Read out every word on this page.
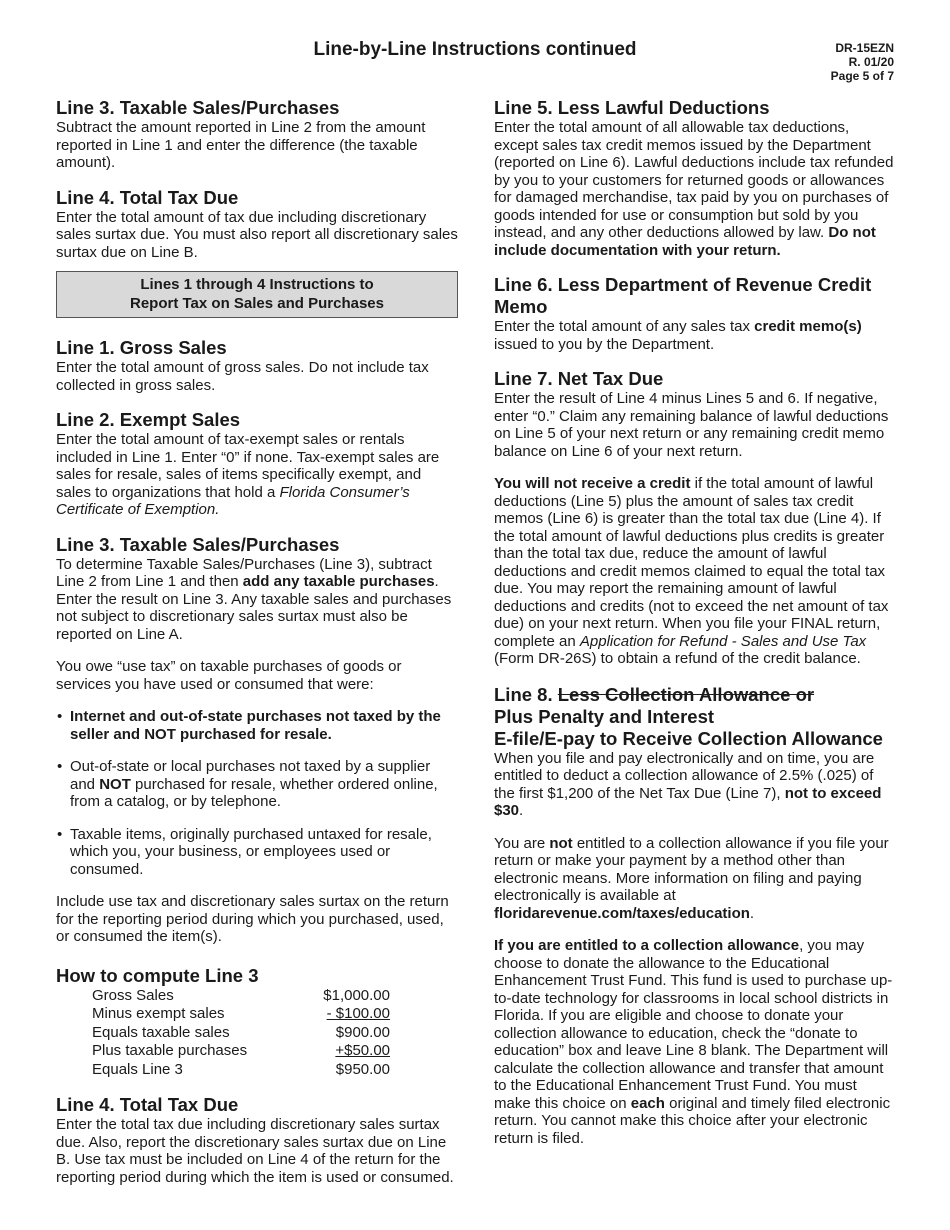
Line-by-Line Instructions continued	DR-15EZN
R. 01/20
Page 5 of 7
Line 3. Taxable Sales/Purchases

Subtract the amount reported in Line 2 from the amount reported in Line 1 and enter the difference (the taxable amount).

Line 4. Total Tax Due

Enter the total amount of tax due including discretionary sales surtax due. You must also report all discretionary sales surtax due on Line B.

Lines 1 through 4 Instructions to
Report Tax on Sales and Purchases
Line 1. Gross Sales

Enter the total amount of gross sales. Do not include tax collected in gross sales.

Line 2. Exempt Sales

Enter the total amount of tax-exempt sales or rentals included in Line 1. Enter “0” if none. Tax-exempt sales are sales for resale, sales of items specifically exempt, and sales to organizations that hold a Florida Consumer’s Certificate of Exemption.

Line 3. Taxable Sales/Purchases

To determine Taxable Sales/Purchases (Line 3), subtract Line 2 from Line 1 and then add any taxable purchases. Enter the result on Line 3. Any taxable sales and purchases not subject to discretionary sales surtax must also be reported on Line A.

You owe “use tax” on taxable purchases of goods or services you have used or consumed that were:

• Internet and out-of-state purchases not taxed by the seller and NOT purchased for resale.
• Out-of-state or local purchases not taxed by a supplier and NOT purchased for resale, whether ordered online, from a catalog, or by telephone.
• Taxable items, originally purchased untaxed for resale, which you, your business, or employees used or consumed.

Include use tax and discretionary sales surtax on the return for the reporting period during which you purchased, used, or consumed the item(s).

How to compute Line 3
Gross Sales	$1,000.00
Minus exempt sales	- $100.00
Equals taxable sales	$900.00
Plus taxable purchases	+$50.00
Equals Line 3	$950.00
Line 4. Total Tax Due

Enter the total tax due including discretionary sales surtax due. Also, report the discretionary sales surtax due on Line B. Use tax must be included on Line 4 of the return for the reporting period during which the item is used or consumed.

Line 5. Less Lawful Deductions

Enter the total amount of all allowable tax deductions, except sales tax credit memos issued by the Department (reported on Line 6). Lawful deductions include tax refunded by you to your customers for returned goods or allowances for damaged merchandise, tax paid by you on purchases of goods intended for use or consumption but sold by you instead, and any other deductions allowed by law. Do not include documentation with your return.

Line 6. Less Department of Revenue Credit Memo

Enter the total amount of any sales tax credit memo(s) issued to you by the Department.

Line 7. Net Tax Due

Enter the result of Line 4 minus Lines 5 and 6. If negative, enter “0.” Claim any remaining balance of lawful deductions on Line 5 of your next return or any remaining credit memo balance on Line 6 of your next return.

You will not receive a credit if the total amount of lawful deductions (Line 5) plus the amount of sales tax credit memos (Line 6) is greater than the total tax due (Line 4). If the total amount of lawful deductions plus credits is greater than the total tax due, reduce the amount of lawful deductions and credit memos claimed to equal the total tax due. You may report the remaining amount of lawful deductions and credits (not to exceed the net amount of tax due) on your next return. When you file your FINAL return, complete an Application for Refund - Sales and Use Tax (Form DR-26S) to obtain a refund of the credit balance.

Line 8. Less Collection Allowance or
Plus Penalty and Interest
E-file/E-pay to Receive Collection Allowance

When you file and pay electronically and on time, you are entitled to deduct a collection allowance of 2.5% (.025) of the first $1,200 of the Net Tax Due (Line 7), not to exceed $30.

You are not entitled to a collection allowance if you file your return or make your payment by a method other than electronic means. More information on filing and paying electronically is available at floridarevenue.com/taxes/education.

If you are entitled to a collection allowance, you may choose to donate the allowance to the Educational Enhancement Trust Fund. This fund is used to purchase up-to-date technology for classrooms in local school districts in Florida. If you are eligible and choose to donate your collection allowance to education, check the “donate to education” box and leave Line 8 blank. The Department will calculate the collection allowance and transfer that amount to the Educational Enhancement Trust Fund. You must make this choice on each original and timely filed electronic return. You cannot make this choice after your electronic return is filed.
